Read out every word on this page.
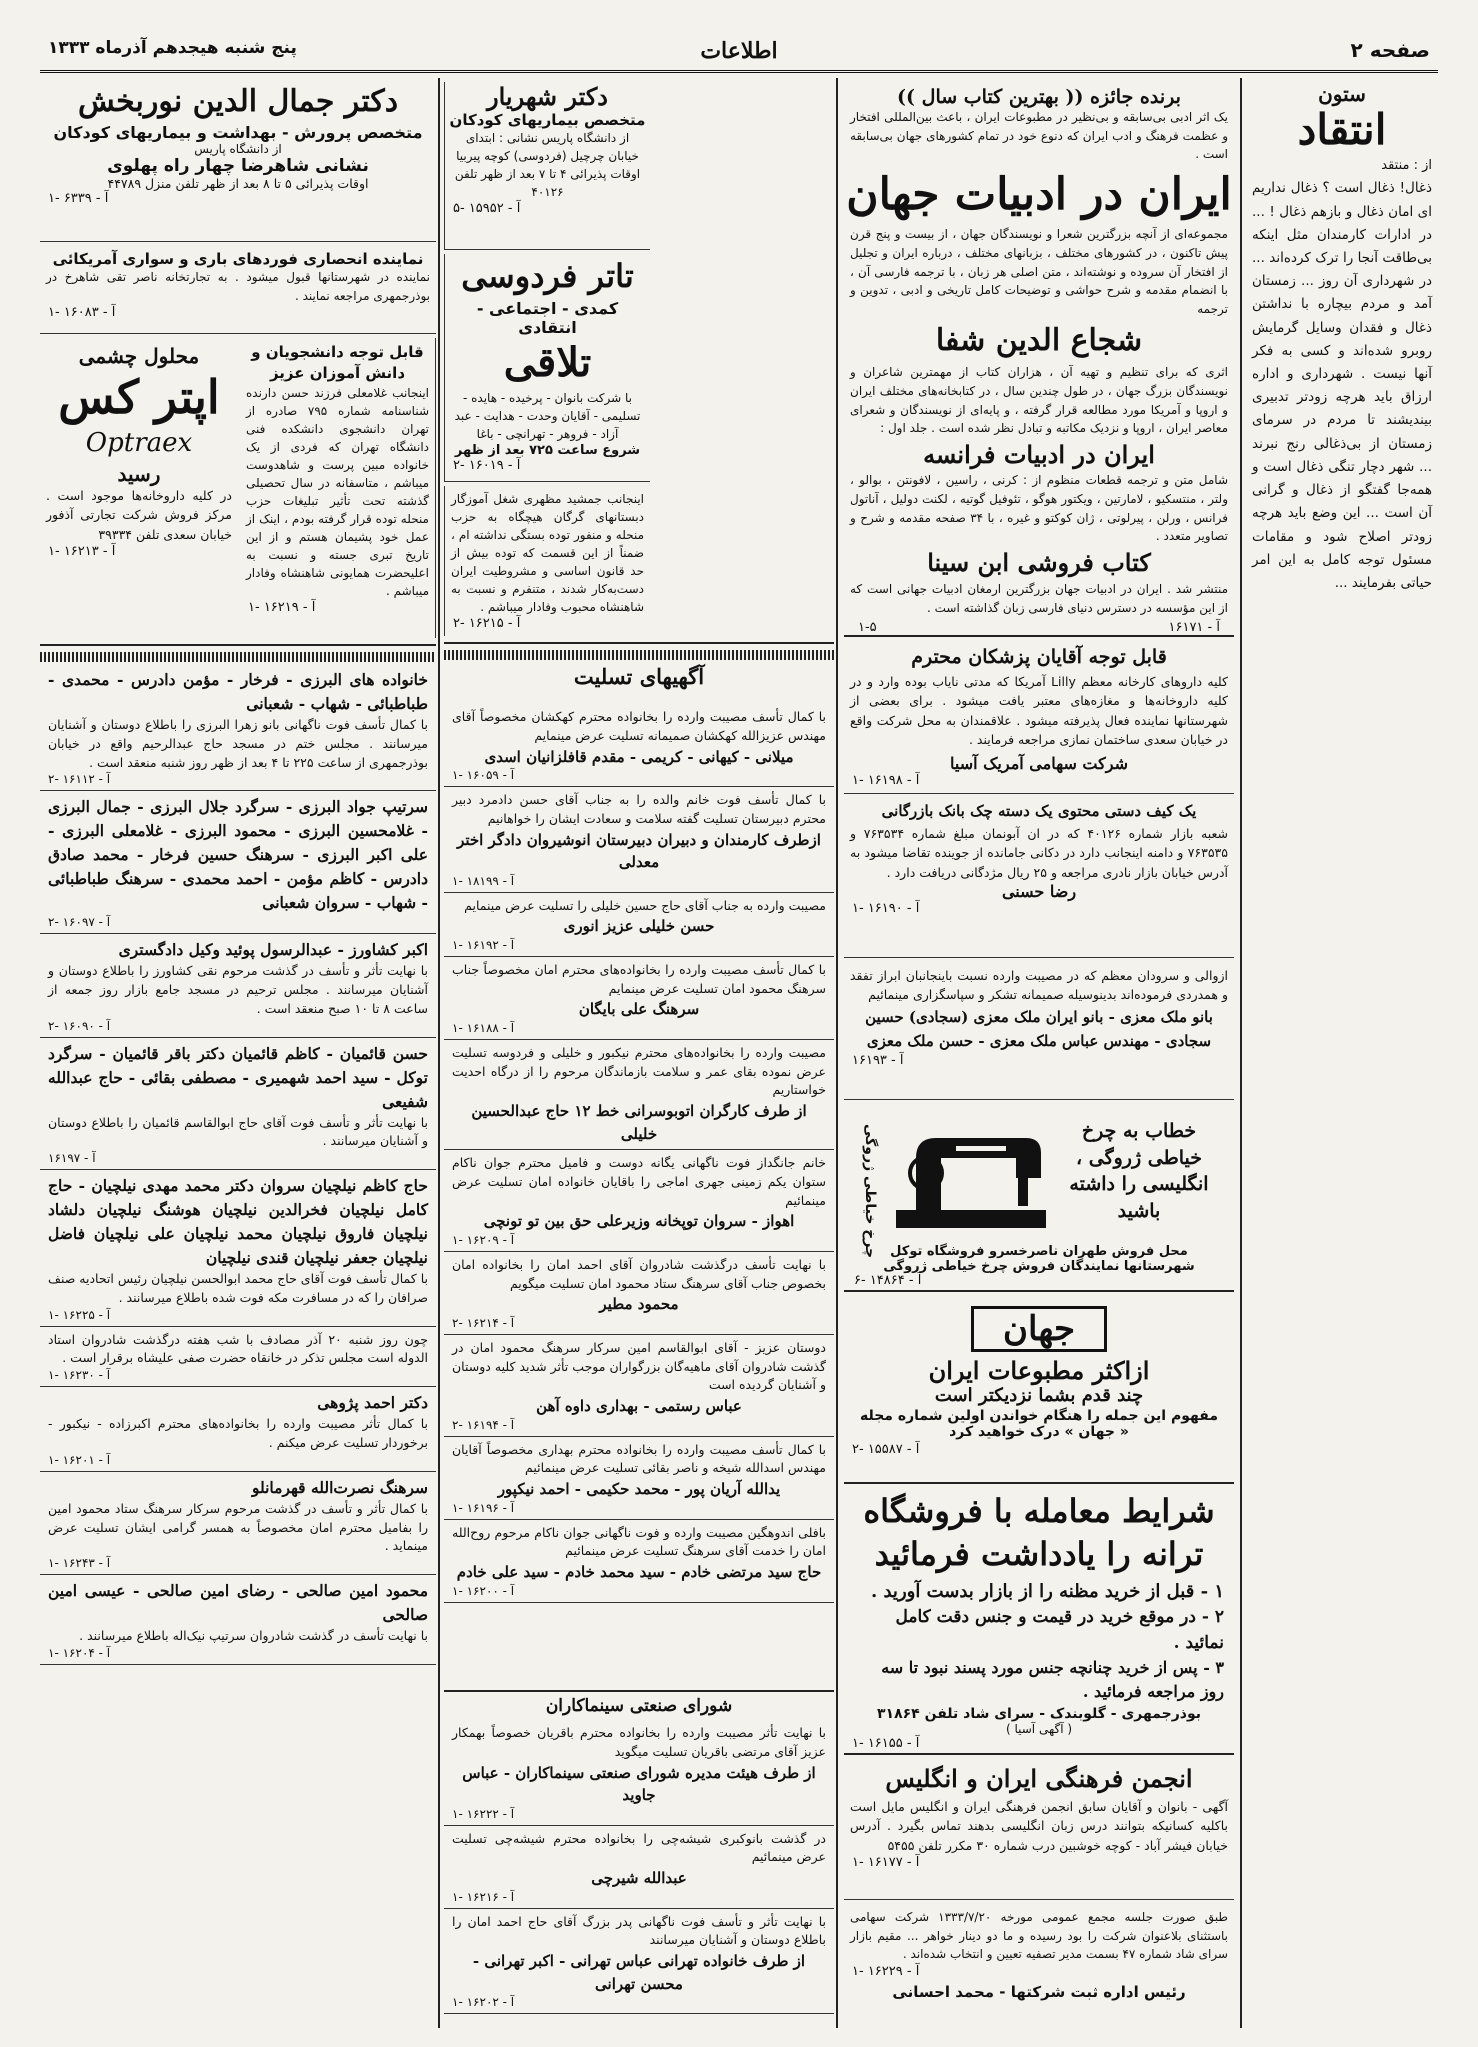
صفحه ۲
اطلاعات
پنج شنبه هیجدهم آذرماه ۱۳۳۳
ستون
انتقاد
از : منتقد
ذغال! ذغال است ؟ ذغال نداریم ای امان ذغال و بازهم ذغال ! ... در ادارات کارمندان مثل اینکه بی‌طاقت آنجا را ترک کرده‌اند ... در شهرداری آن روز ... زمستان آمد و مردم بیچاره با نداشتن ذغال و فقدان وسایل گرمایش روبرو شده‌اند و کسی به فکر آنها نیست . شهرداری و اداره ارزاق باید هرچه زودتر تدبیری بیندیشند تا مردم در سرمای زمستان از بی‌ذغالی رنج نبرند ... شهر دچار تنگی ذغال است و همه‌جا گفتگو از ذغال و گرانی آن است ... این وضع باید هرچه زودتر اصلاح شود و مقامات مسئول توجه کامل به این امر حیاتی بفرمایند ...
برنده جائزه (( بهترین کتاب سال ))
یک اثر ادبی بی‌سابقه و بی‌نظیر در مطبوعات ایران ، باعث بین‌المللی افتخار و عظمت فرهنگ و ادب ایران که دنوع خود در تمام کشورهای جهان بی‌سابقه است .
ایران در ادبیات جهان
مجموعه‌ای از آنچه بزرگترین شعرا و نویسندگان جهان ، از بیست و پنج قرن پیش تاکنون ، در کشورهای مختلف ، بزبانهای مختلف ، درباره ایران و تجلیل از افتخار آن سروده و نوشته‌اند ، متن اصلی هر زبان ، با ترجمه فارسی آن ، با انضمام مقدمه و شرح حواشی و توضیحات کامل تاریخی و ادبی ، تدوین و ترجمه
شجاع الدین شفا
اثری که برای تنظیم و تهیه آن ، هزاران کتاب از مهمترین شاعران و نویسندگان بزرگ جهان ، در طول چندین سال ، در کتابخانه‌های مختلف ایران و اروپا و آمریکا مورد مطالعه قرار گرفته ، و پایه‌ای از نویسندگان و شعرای معاصر ایران ، اروپا و نزدیک مکاتبه و تبادل نظر شده است . جلد اول :
ایران در ادبیات فرانسه
شامل متن و ترجمه قطعات منظوم از : کرنی ، راسین ، لافونتن ، بوالو ، ولتر ، منتسکیو ، لامارتین ، ویکتور هوگو ، تئوفیل گوتیه ، لکنت دولیل ، آناتول فرانس ، ورلن ، پیرلوتی ، ژان کوکتو و غیره ، با ۳۴ صفحه مقدمه و شرح و تصاویر متعدد .
کتاب فروشی ابن سینا
منتشر شد . ایران در ادبیات جهان بزرگترین ارمغان ادبیات جهانی است که از این مؤسسه در دسترس دنیای فارسی زبان گذاشته است .
آ - ۱۶۱۷۱
۱-۵
قابل توجه آقایان پزشکان محترم
کلیه داروهای کارخانه معظم Lilly آمریکا که مدتی نایاب بوده وارد و در کلیه داروخانه‌ها و مغازه‌های معتبر یافت میشود . برای بعضی از شهرستانها نماینده فعال پذیرفته میشود . علاقمندان به محل شرکت واقع در خیابان سعدی ساختمان نمازی مراجعه فرمایند .
شرکت سهامی آمریک آسیا
آ - ۱۶۱۹۸ -۱
یک کیف دستی محتوی یک دسته چک بانک بازرگانی
شعبه بازار شماره ۴۰۱۲۶ که در ان آبونمان مبلغ شماره ۷۶۳۵۳۴ و ۷۶۳۵۳۵ و دامنه اینجانب دارد در دکانی جامانده از جوینده تقاضا میشود به آدرس خیابان بازار نادری مراجعه و ۲۵ ریال مژدگانی دریافت دارد .
رضا حسنی
آ - ۱۶۱۹۰ -۱
ازوالی و سرودان معظم که در مصیبت وارده نسبت باینجانبان ابراز تفقد و همدردی فرموده‌اند بدینوسیله صمیمانه تشکر و سپاسگزاری مینمائیم
بانو ملک معزی - بانو ایران ملک معزی (سجادی) حسین سجادی - مهندس عباس ملک معزی - حسن ملک معزی
آ - ۱۶۱۹۳
خطاب به چرخ خیاطی ژروگی ، انگلیسی را داشته باشید
چرخ خیاطی ژروگی محل فروش طهران ناصرخسرو فروشگاه توکل شهرستانها نمایندگان فروش چرخ خیاطی ژروگی
آ - ۱۴۸۶۴ -۶
جهان
ازاکثر مطبوعات ایران
چند قدم بشما نزدیکتر است
مفهوم این جمله را هنگام خواندن اولین شماره مجله « جهان » درک خواهید کرد
آ - ۱۵۵۸۷ -۲
شرایط معامله با فروشگاه
ترانه را یادداشت فرمائید
۱ - قبل از خرید مظنه را از بازار بدست آورید .
۲ - در موقع خرید در قیمت و جنس دقت کامل نمائید .
۳ - پس از خرید چنانچه جنس مورد پسند نبود تا سه روز مراجعه فرمائید .
بوذرجمهری - گلوبندک - سرای شاد تلفن ۳۱۸۶۴
( آگهی آسیا )
آ - ۱۶۱۵۵ -۱
انجمن فرهنگی ایران و انگلیس
آگهی - بانوان و آقایان سابق انجمن فرهنگی ایران و انگلیس مایل است باکلیه کسانیکه بتوانند درس زبان انگلیسی بدهند تماس بگیرد . آدرس خیابان فیشر آباد - کوچه خوشبین درب شماره ۳۰ مکرر تلفن ۵۴۵۵
آ - ۱۶۱۷۷ -۱
طبق صورت جلسه مجمع عمومی مورخه ۱۳۳۳/۷/۲۰ شرکت سهامی باستثنای بلاعنوان شرکت را بود رسیده و ما دو دینار خواهر ... مقیم بازار سرای شاد شماره ۴۷ بسمت مدیر تصفیه تعیین و انتخاب شده‌اند .
آ - ۱۶۲۲۹ -۱
رئیس اداره ثبت شرکتها - محمد احسانی
دکتر شهریار
متخصص بیماریهای کودکان
از دانشگاه پاریس نشانی : ابتدای خیابان چرچیل (فردوسی) کوچه پیربیا اوقات پذیرائی ۴ تا ۷ بعد از ظهر تلفن ۴۰۱۲۶
آ - ۱۵۹۵۲ -۵
تاتر فردوسی
کمدی - اجتماعی - انتقادی
تلاقی
با شرکت بانوان - پرخیده - هایده - تسلیمی - آقایان وحدت - هدایت - عبد آزاد - فروهر - تهرانچی - باغا
شروع ساعت ۷۲۵ بعد از ظهر
آ - ۱۶۰۱۹ -۲
اینجانب جمشید مظهری شغل آموزگار دبستانهای گرگان هیچگاه به حزب منحله و منفور توده بستگی نداشته ام ، ضمناً از این قسمت که توده بیش از حد قانون اساسی و مشروطیت ایران دست‌به‌کار شدند ، متنفرم و نسبت به شاهنشاه محبوب وفادار میباشم .
آ - ۱۶۲۱۵ -۲
آگهیهای تسلیت
با کمال تأسف مصیبت وارده را بخانواده محترم کهکشان مخصوصاً آقای مهندس عزیزالله کهکشان صمیمانه تسلیت عرض مینمایم
میلانی - کیهانی - کریمی - مقدم قافلزانیان اسدی
آ - ۱۶۰۵۹ -۱
با کمال تأسف فوت خانم والده را به جناب آقای حسن دادمرد دبیر محترم دبیرستان تسلیت گفته سلامت و سعادت ایشان را خواهانیم
ازطرف کارمندان و دبیران دبیرستان انوشیروان دادگر اختر معدلی
آ - ۱۸۱۹۹ -۱
مصیبت وارده به جناب آقای حاج حسین خلیلی را تسلیت عرض مینمایم
حسن خلیلی عزیز انوری
آ - ۱۶۱۹۲ -۱
با کمال تأسف مصیبت وارده را بخانواده‌های محترم امان مخصوصاً جناب سرهنگ محمود امان تسلیت عرض مینمایم
سرهنگ علی بایگان
آ - ۱۶۱۸۸ -۱
مصیبت وارده را بخانواده‌های محترم نیکبور و خلیلی و فردوسه تسلیت عرض نموده بقای عمر و سلامت بازماندگان مرحوم را از درگاه احدیت خواستاریم
از طرف کارگران اتوبوسرانی خط ۱۲ حاج عبدالحسین خلیلی
خانم جانگداز فوت ناگهانی یگانه دوست و فامیل محترم جوان ناکام ستوان یکم زمینی جهری اماجی را باقایان خانواده امان تسلیت عرض مینمائیم
اهواز - سروان توپخانه وزیرعلی حق بین تو تونچی
آ - ۱۶۲۰۹ -۱
با نهایت تأسف درگذشت شادروان آقای احمد امان را بخانواده امان بخصوص جناب آقای سرهنگ ستاد محمود امان تسلیت میگویم
محمود مطیر
آ - ۱۶۲۱۴ -۲
دوستان عزیز - آقای ابوالقاسم امین سرکار سرهنگ محمود امان در گذشت شادروان آقای ماهیه‌گان بزرگواران موجب تأثر شدید کلیه دوستان و آشنایان گردیده است
عباس رستمی - بهداری داوه آهن
آ - ۱۶۱۹۴ -۲
با کمال تأسف مصیبت وارده را بخانواده محترم بهداری مخصوصاً آقایان مهندس اسدالله شیخه و ناصر بقائی تسلیت عرض مینمائیم
یدالله آریان پور - محمد حکیمی - احمد نیکپور
آ - ۱۶۱۹۶ -۱
بافلی اندوهگین مصیبت وارده و فوت ناگهانی جوان ناکام مرحوم روح‌الله امان را خدمت آقای سرهنگ تسلیت عرض مینمائیم
حاج سید مرتضی خادم - سید محمد خادم - سید علی خادم
آ - ۱۶۲۰۰ -۱
شورای صنعتی سینماکاران
با نهایت تأثر مصیبت وارده را بخانواده محترم باقریان خصوصاً بهمکار عزیز آقای مرتضی باقریان تسلیت میگوید
از طرف هیئت مدیره شورای صنعتی سینماکاران - عباس جاوید
آ - ۱۶۲۲۲ -۱
در گذشت بانوکبری شیشه‌چی را بخانواده محترم شیشه‌چی تسلیت عرض مینمائیم
عبدالله شیرچی
آ - ۱۶۲۱۶ -۱
با نهایت تأثر و تأسف فوت ناگهانی پدر بزرگ آقای حاج احمد امان را باطلاع دوستان و آشنایان میرسانند
از طرف خانواده تهرانی عباس تهرانی - اکبر تهرانی - محسن تهرانی
آ - ۱۶۲۰۲ -۱
دکتر جمال الدین نوربخش
متخصص پرورش - بهداشت و بیماریهای کودکان
از دانشگاه پاریس
نشانی شاهرضا چهار راه پهلوی
اوقات پذیرائی ۵ تا ۸ بعد از ظهر تلفن منزل ۴۴۷۸۹
آ - ۶۳۳۹ -۱
نماینده انحصاری فوردهای باری و سواری آمریکائی
نماینده در شهرستانها قبول میشود . به تجارتخانه ناصر تقی شاهرخ در بوذرجمهری مراجعه نمایند .
آ - ۱۶۰۸۳ -۱
قابل توجه دانشجویان و دانش آموزان عزیز
اینجانب غلامعلی فرزند حسن دارنده شناسنامه شماره ۷۹۵ صادره از تهران دانشجوی دانشکده فنی دانشگاه تهران که فردی از یک خانواده مبین پرست و شاهدوست میباشم ، متاسفانه در سال تحصیلی گذشته تحت تأثیر تبلیغات حزب منحله توده قرار گرفته بودم ، اینک از عمل خود پشیمان هستم و از این تاریخ تبری جسته و نسبت به اعلیحضرت همایونی شاهنشاه وفادار میباشم .
آ - ۱۶۲۱۹ -۱
محلول چشمی
اپتر کس
Optraex
رسید
در کلیه داروخانه‌ها موجود است . مرکز فروش شرکت تجارتی آذفور خیابان سعدی تلفن ۳۹۳۳۴
آ - ۱۶۲۱۳ -۱
خانواده های البرزی - فرخار - مؤمن دادرس - محمدی - طباطبائی - شهاب - شعبانی
با کمال تأسف فوت ناگهانی بانو زهرا البرزی را باطلاع دوستان و آشنایان میرسانند . مجلس ختم در مسجد حاج عبدالرحیم واقع در خیابان بوذرجمهری از ساعت ۲۲۵ تا ۴ بعد از ظهر روز شنبه منعقد است .
آ - ۱۶۱۱۲ -۲
سرتیپ جواد البرزی - سرگرد جلال البرزی - جمال البرزی - غلامحسین البرزی - محمود البرزی - غلامعلی البرزی - علی اکبر البرزی - سرهنگ حسین فرخار - محمد صادق دادرس - کاظم مؤمن - احمد محمدی - سرهنگ طباطبائی - شهاب - سروان شعبانی
آ - ۱۶۰۹۷ -۲
اکبر کشاورز - عبدالرسول پوئید وکیل دادگستری
با نهایت تأثر و تأسف در گذشت مرحوم نقی کشاورز را باطلاع دوستان و آشنایان میرسانند . مجلس ترحیم در مسجد جامع بازار روز جمعه از ساعت ۸ تا ۱۰ صبح منعقد است .
آ - ۱۶۰۹۰ -۲
حسن قائمیان - کاظم قائمیان دکتر باقر قائمیان - سرگرد توکل - سید احمد شهمیری - مصطفی بقائی - حاج عبدالله شفیعی
با نهایت تأثر و تأسف فوت آقای حاج ابوالقاسم قائمیان را باطلاع دوستان و آشنایان میرسانند .
آ - ۱۶۱۹۷
حاج کاظم نیلچیان سروان دکتر محمد مهدی نیلچیان - حاج کامل نیلچیان فخرالدین نیلچیان هوشنگ نیلچیان دلشاد نیلچیان فاروق نیلچیان محمد نیلچیان علی نیلچیان فاضل نیلچیان جعفر نیلچیان قندی نیلچیان
با کمال تأسف فوت آقای حاج محمد ابوالحسن نیلچیان رئیس اتحادیه صنف صرافان را که در مسافرت مکه فوت شده باطلاع میرسانند .
آ - ۱۶۲۲۵ -۱
چون روز شنبه ۲۰ آذر مصادف با شب هفته درگذشت شادروان استاد الدوله است مجلس تذکر در خانقاه حضرت صفی علیشاه برقرار است .
آ - ۱۶۲۳۰ -۱
دکتر احمد پژوهی
با کمال تأثر مصیبت وارده را بخانواده‌های محترم اکبرزاده - نیکبور - برخوردار تسلیت عرض میکنم .
آ - ۱۶۲۰۱ -۱
سرهنگ نصرت‌الله قهرمانلو
با کمال تأثر و تأسف در گذشت مرحوم سرکار سرهنگ ستاد محمود امین را بفامیل محترم امان مخصوصاً به همسر گرامی ایشان تسلیت عرض مینماید .
آ - ۱۶۲۴۳ -۱
محمود امین صالحی - رضای امین صالحی - عیسی امین صالحی
با نهایت تأسف در گذشت شادروان سرتیپ نیک‌اله باطلاع میرسانند .
آ - ۱۶۲۰۴ -۱
